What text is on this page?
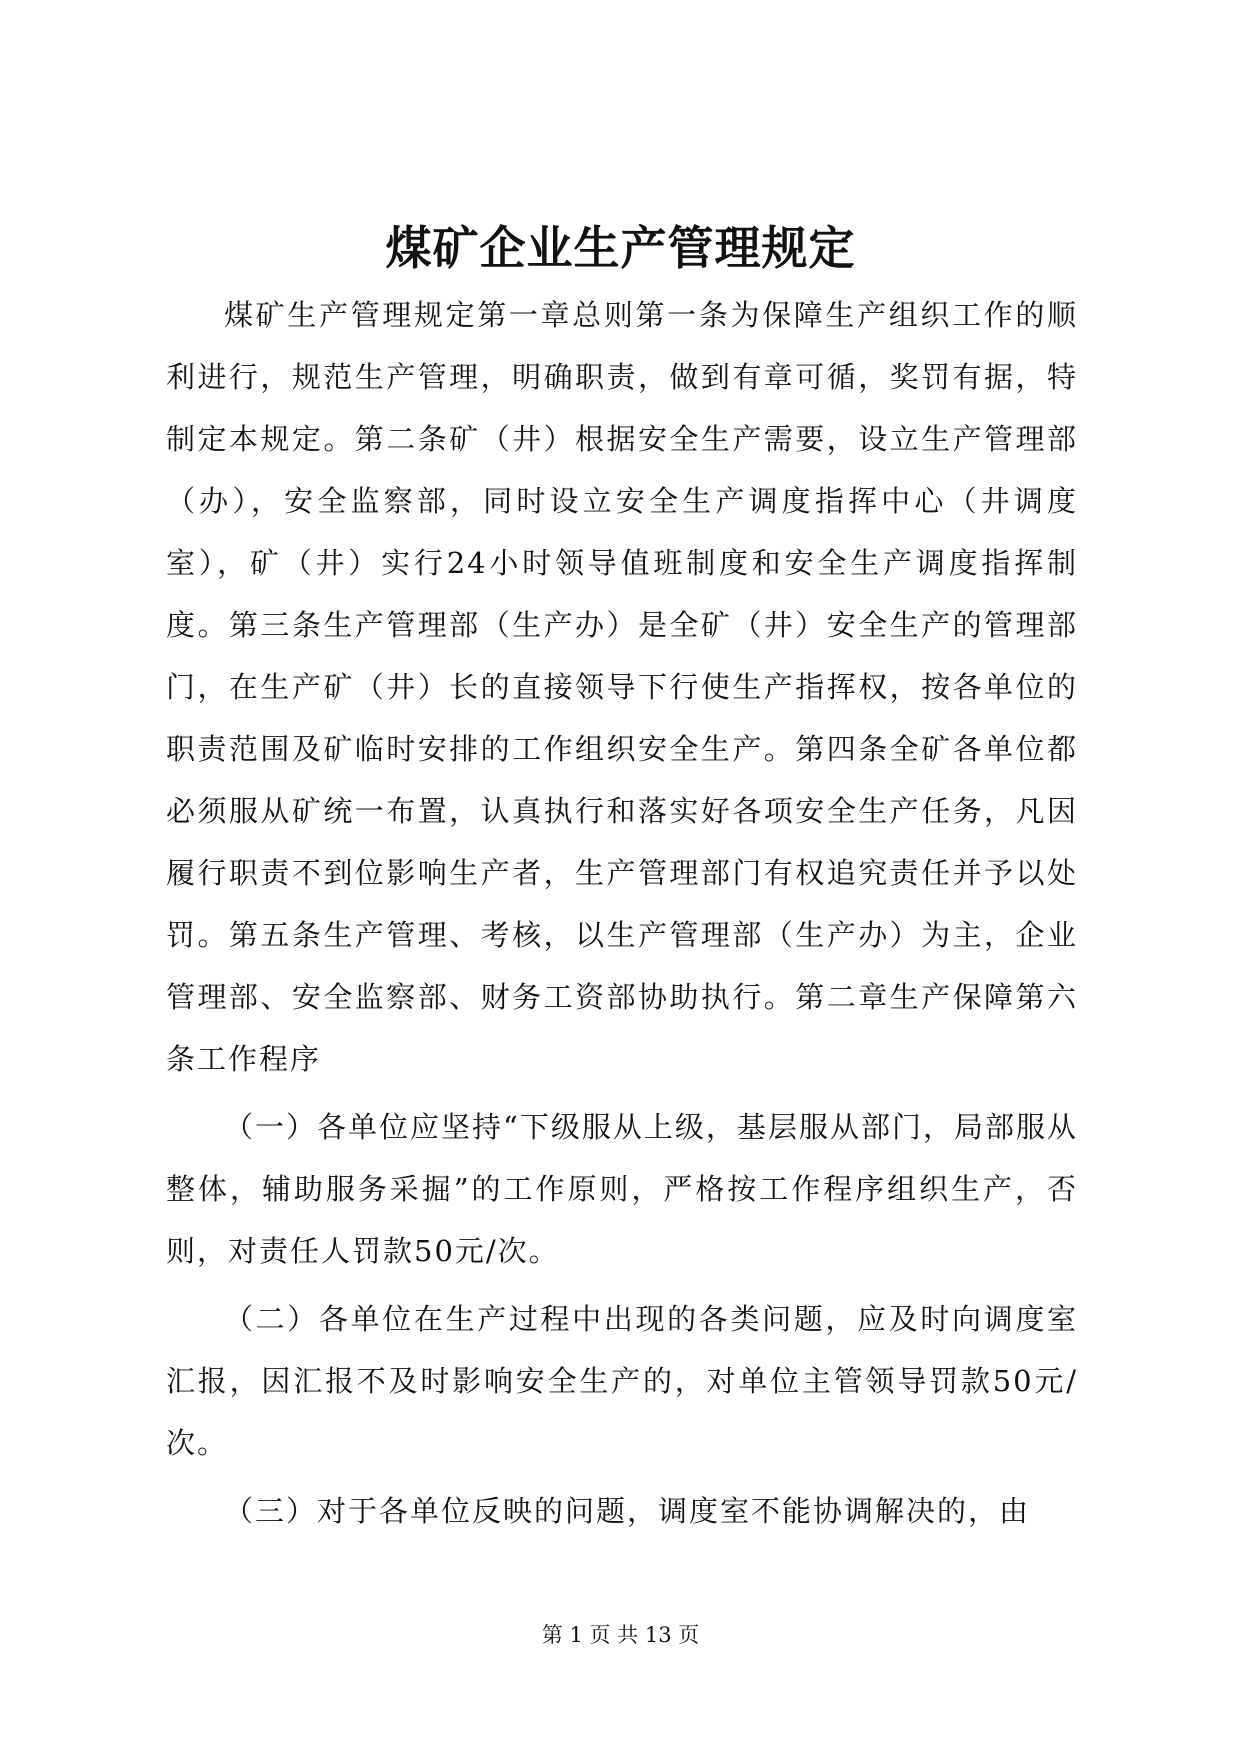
煤矿企业生产管理规定

煤矿生产管理规定第一章总则第一条为保障生产组织工作的顺利进行，规范生产管理，明确职责，做到有章可循，奖罚有据，特制定本规定。第二条矿（井）根据安全生产需要，设立生产管理部（办），安全监察部，同时设立安全生产调度指挥中心（井调度室），矿（井）实行24小时领导值班制度和安全生产调度指挥制度。第三条生产管理部（生产办）是全矿（井）安全生产的管理部门，在生产矿（井）长的直接领导下行使生产指挥权，按各单位的职责范围及矿临时安排的工作组织安全生产。第四条全矿各单位都必须服从矿统一布置，认真执行和落实好各项安全生产任务，凡因履行职责不到位影响生产者，生产管理部门有权追究责任并予以处罚。第五条生产管理、考核，以生产管理部（生产办）为主，企业管理部、安全监察部、财务工资部协助执行。第二章生产保障第六条工作程序

（一）各单位应坚持“下级服从上级，基层服从部门，局部服从整体，辅助服务采掘”的工作原则，严格按工作程序组织生产，否则，对责任人罚款50元/次。

（二）各单位在生产过程中出现的各类问题，应及时向调度室汇报，因汇报不及时影响安全生产的，对单位主管领导罚款50元/次。

（三）对于各单位反映的问题，调度室不能协调解决的，由

第 1 页 共 13 页
